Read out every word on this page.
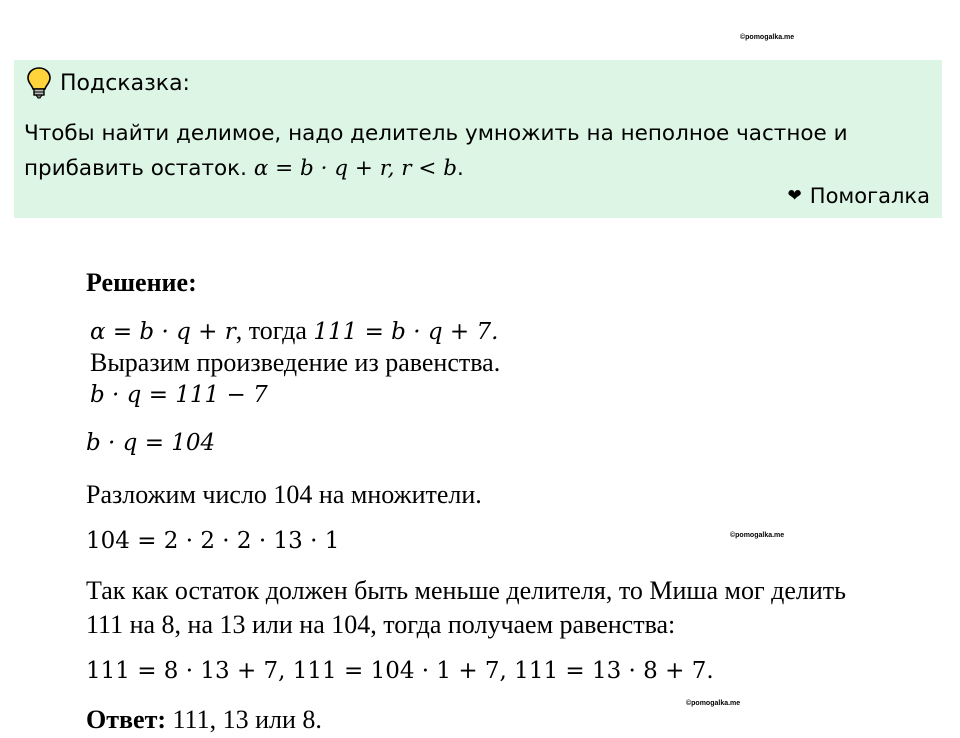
©pomogalka.me
Подсказка:
Чтобы найти делимое, надо делитель умножить на неполное частное и
прибавить остаток. α = b · q + r, r < b.
❤ Помогалка
Решение:
α = b · q + r, тогда 111 = b · q + 7.
Выразим произведение из равенства.
b · q = 111 − 7
b · q = 104
Разложим число 104 на множители.
104 = 2 · 2 · 2 · 13 · 1	©pomogalka.me
Так как остаток должен быть меньше делителя, то Миша мог делить
111 на 8, на 13 или на 104, тогда получаем равенства:
111 = 8 · 13 + 7, 111 = 104 · 1 + 7, 111 = 13 · 8 + 7.
©pomogalka.me
Ответ: 111, 13 или 8.
